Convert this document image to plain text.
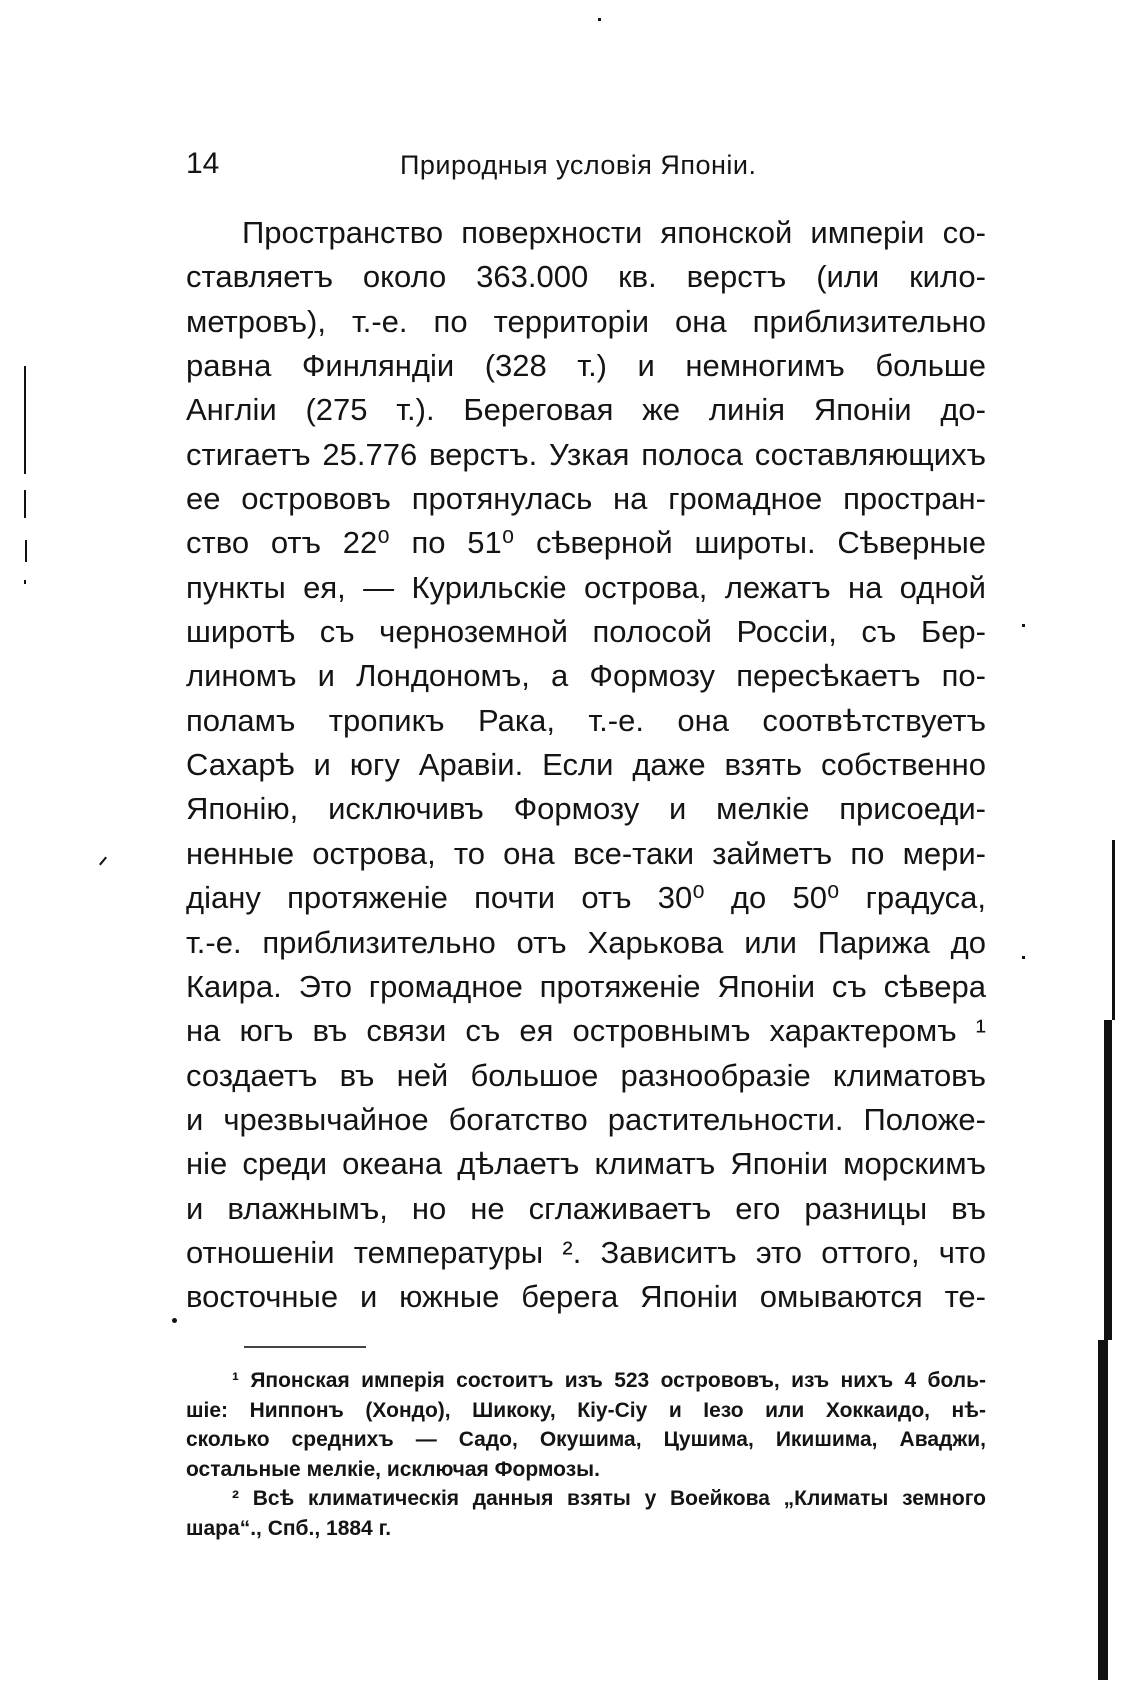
14	Природныя условія Японіи.
Пространство поверхности японской имперіи со-
ставляетъ около 363.000 кв. верстъ (или кило-
метровъ), т.-е. по территоріи она приблизительно
равна Финляндіи (328 т.) и немногимъ больше
Англіи (275 т.). Береговая же линія Японіи до-
стигаетъ 25.776 верстъ. Узкая полоса составляющихъ
ее острововъ протянулась на громадное простран-
ство отъ 22⁰ по 51⁰ сѣверной широты. Сѣверные
пункты ея, — Курильскіе острова, лежатъ на одной
широтѣ съ черноземной полосой Россіи, съ Бер-
линомъ и Лондономъ, а Формозу пересѣкаетъ по-
поламъ тропикъ Рака, т.-е. она соотвѣтствуетъ
Сахарѣ и югу Аравіи. Если даже взять собственно
Японію, исключивъ Формозу и мелкіе присоеди-
ненные острова, то она все-таки займетъ по мери-
діану протяженіе почти отъ 30⁰ до 50⁰ градуса,
т.-е. приблизительно отъ Харькова или Парижа до
Каира. Это громадное протяженіе Японіи съ сѣвера
на югъ въ связи съ ея островнымъ характеромъ ¹
создаетъ въ ней большое разнообразіе климатовъ
и чрезвычайное богатство растительности. Положе-
ніе среди океана дѣлаетъ климатъ Японіи морскимъ
и влажнымъ, но не сглаживаетъ его разницы въ
отношеніи температуры ². Зависитъ это оттого, что
восточные и южные берега Японіи омываются те-
¹ Японская имперія состоитъ изъ 523 острововъ, изъ нихъ 4 боль-
шіе: Ниппонъ (Хондо), Шикоку, Кіу-Сіу и Іезо или Хоккаидо, нѣ-
сколько среднихъ — Садо, Окушима, Цушима, Икишима, Аваджи,
остальные мелкіе, исключая Формозы.
² Всѣ климатическія данныя взяты у Воейкова „Климаты земного
шара“., Спб., 1884 г.
